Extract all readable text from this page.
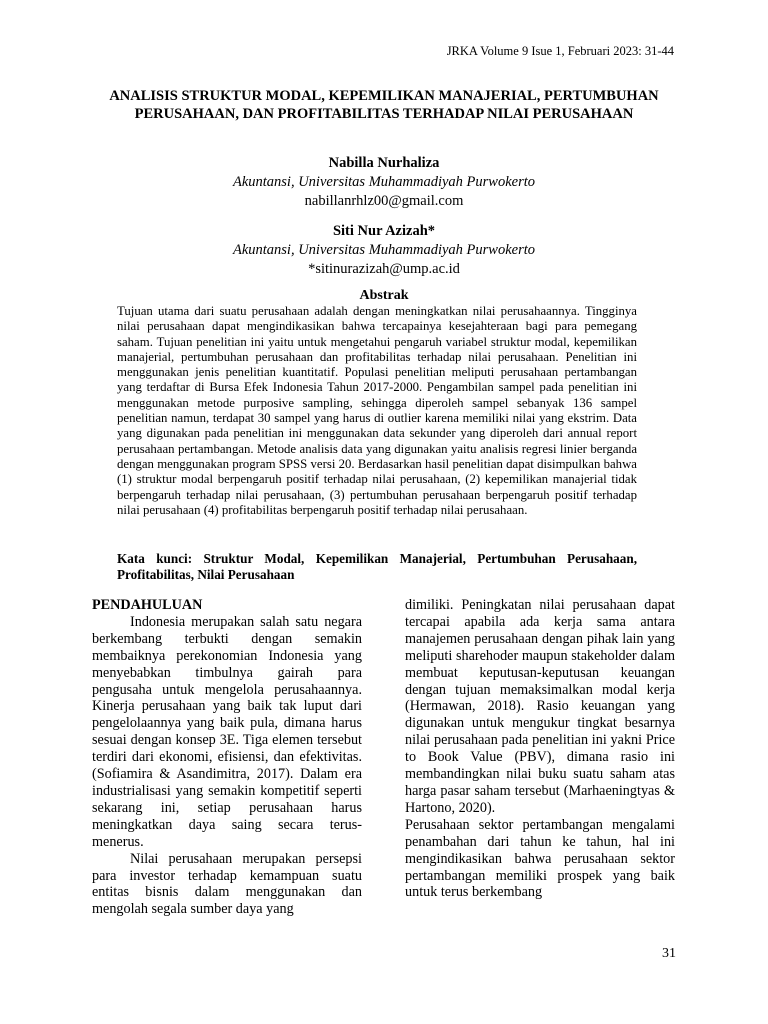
JRKA Volume 9 Isue 1, Februari 2023: 31-44
ANALISIS STRUKTUR MODAL, KEPEMILIKAN MANAJERIAL, PERTUMBUHAN PERUSAHAAN, DAN PROFITABILITAS TERHADAP NILAI PERUSAHAAN
Nabilla Nurhaliza
Akuntansi, Universitas Muhammadiyah Purwokerto
nabillanrhlz00@gmail.com
Siti Nur Azizah*
Akuntansi, Universitas Muhammadiyah Purwokerto
*sitinurazizah@ump.ac.id
Abstrak

Tujuan utama dari suatu perusahaan adalah dengan meningkatkan nilai perusahaannya. Tingginya nilai perusahaan dapat mengindikasikan bahwa tercapainya kesejahteraan bagi para pemegang saham. Tujuan penelitian ini yaitu untuk mengetahui pengaruh variabel struktur modal, kepemilikan manajerial, pertumbuhan perusahaan dan profitabilitas terhadap nilai perusahaan. Penelitian ini menggunakan jenis penelitian kuantitatif. Populasi penelitian meliputi perusahaan pertambangan yang terdaftar di Bursa Efek Indonesia Tahun 2017-2000. Pengambilan sampel pada penelitian ini menggunakan metode purposive sampling, sehingga diperoleh sampel sebanyak 136 sampel penelitian namun, terdapat 30 sampel yang harus di outlier karena memiliki nilai yang ekstrim. Data yang digunakan pada penelitian ini menggunakan data sekunder yang diperoleh dari annual report perusahaan pertambangan. Metode analisis data yang digunakan yaitu analisis regresi linier berganda dengan menggunakan program SPSS versi 20. Berdasarkan hasil penelitian dapat disimpulkan bahwa (1) struktur modal berpengaruh positif terhadap nilai perusahaan, (2) kepemilikan manajerial tidak berpengaruh terhadap nilai perusahaan, (3) pertumbuhan perusahaan berpengaruh positif terhadap nilai perusahaan (4) profitabilitas berpengaruh positif terhadap nilai perusahaan.

Kata kunci: Struktur Modal, Kepemilikan Manajerial, Pertumbuhan Perusahaan, Profitabilitas, Nilai Perusahaan
PENDAHULUAN

Indonesia merupakan salah satu negara berkembang terbukti dengan semakin membaiknya perekonomian Indonesia yang menyebabkan timbulnya gairah para pengusaha untuk mengelola perusahaannya. Kinerja perusahaan yang baik tak luput dari pengelolaannya yang baik pula, dimana harus sesuai dengan konsep 3E. Tiga elemen tersebut terdiri dari ekonomi, efisiensi, dan efektivitas. (Sofiamira & Asandimitra, 2017). Dalam era industrialisasi yang semakin kompetitif seperti sekarang ini, setiap perusahaan harus meningkatkan daya saing secara terus-menerus.

Nilai perusahaan merupakan persepsi para investor terhadap kemampuan suatu entitas bisnis dalam menggunakan dan mengolah segala sumber daya yang

dimiliki. Peningkatan nilai perusahaan dapat tercapai apabila ada kerja sama antara manajemen perusahaan dengan pihak lain yang meliputi sharehoder maupun stakeholder dalam membuat keputusan-keputusan keuangan dengan tujuan memaksimalkan modal kerja (Hermawan, 2018). Rasio keuangan yang digunakan untuk mengukur tingkat besarnya nilai perusahaan pada penelitian ini yakni Price to Book Value (PBV), dimana rasio ini membandingkan nilai buku suatu saham atas harga pasar saham tersebut (Marhaeningtyas & Hartono, 2020).

Perusahaan sektor pertambangan mengalami penambahan dari tahun ke tahun, hal ini mengindikasikan bahwa perusahaan sektor pertambangan memiliki prospek yang baik untuk terus berkembang

31
